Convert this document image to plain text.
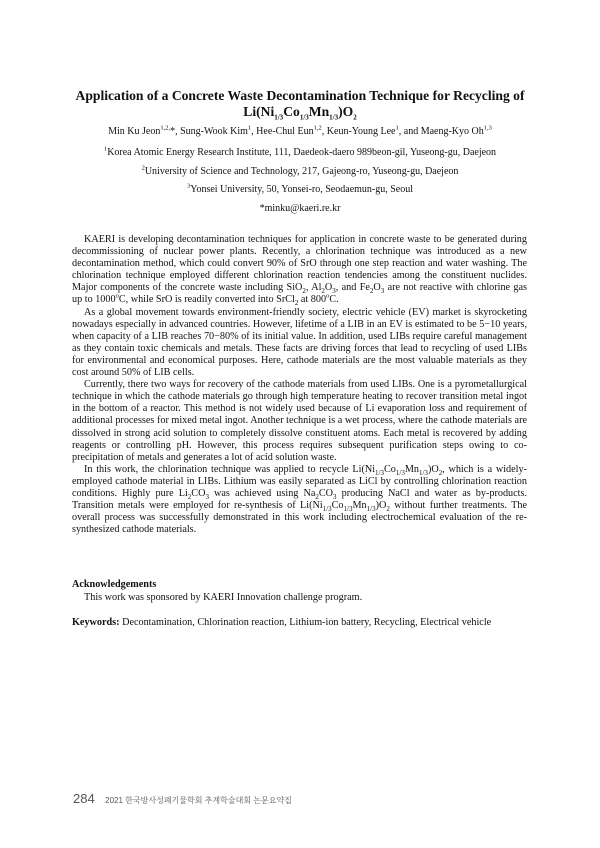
Application of a Concrete Waste Decontamination Technique for Recycling of
$Li(Ni_{1/3}Co_{1/3}Mn_{1/3})O_2$

Min Ku Jeon$^{1,2,}$*, Sung-Wook Kim$^1$, Hee-Chul Eun$^{1,2}$, Keun-Young Lee$^1$, and Maeng-Kyo Oh$^{1,3}$

$^1$Korea Atomic Energy Research Institute, 111, Daedeok-daero 989beon-gil, Yuseong-gu, Daejeon

$^2$University of Science and Technology, 217, Gajeong-ro, Yuseong-gu, Daejeon

$^3$Yonsei University, 50, Yonsei-ro, Seodaemun-gu, Seoul

*minku@kaeri.re.kr

KAERI is developing decontamination techniques for application in concrete waste to be generated during decommissioning of nuclear power plants. Recently, a chlorination technique was introduced as a new decontamination method, which could convert 90% of SrO through one step reaction and water washing. The chlorination technique employed different chlorination reaction tendencies among the constituent nuclides. Major components of the concrete waste including SiO$_2$, $Al_2O_3$, and $Fe_2O_3$ are not reactive with chlorine gas up to 1000$^o$C, while SrO is readily converted into SrCl$_2$ at 800$^o$C.

As a global movement towards environment-friendly society, electric vehicle (EV) market is skyrocketing nowadays especially in advanced countries. However, lifetime of a LIB in an EV is estimated to be 5−10 years, when capacity of a LIB reaches 70−80% of its initial value. In addition, used LIBs require careful management as they contain toxic chemicals and metals. These facts are driving forces that lead to recycling of used LIBs for environmental and economical purposes. Here, cathode materials are the most valuable materials as they cost around 50% of LIB cells.

Currently, there two ways for recovery of the cathode materials from used LIBs. One is a pyrometallurgical technique in which the cathode materials go through high temperature heating to recover transition metal ingot in the bottom of a reactor. This method is not widely used because of Li evaporation loss and requirement of additional processes for mixed metal ingot. Another technique is a wet process, where the cathode materials are dissolved in strong acid solution to completely dissolve constituent atoms. Each metal is recovered by adding reagents or controlling pH. However, this process requires subsequent purification steps owing to co-precipitation of metals and generates a lot of acid solution waste.

In this work, the chlorination technique was applied to recycle $Li(Ni_{1/3}Co_{1/3}Mn_{1/3})O_2$, which is a widely-employed cathode material in LIBs. Lithium was easily separated as LiCl by controlling chlorination reaction conditions. Highly pure $Li_2CO_3$ was achieved using $Na_2CO_3$ producing NaCl and water as by-products. Transition metals were employed for re-synthesis of $Li(Ni_{1/3}Co_{1/3}Mn_{1/3})O_2$ without further treatments. The overall process was successfully demonstrated in this work including electrochemical evaluation of the re-synthesized cathode materials.

Acknowledgements

This work was sponsored by KAERI Innovation challenge program.

Keywords: Decontamination, Chlorination reaction, Lithium-ion battery, Recycling, Electrical vehicle

284 2021 한국방사성폐기물학회 추계학술대회 논문요약집
